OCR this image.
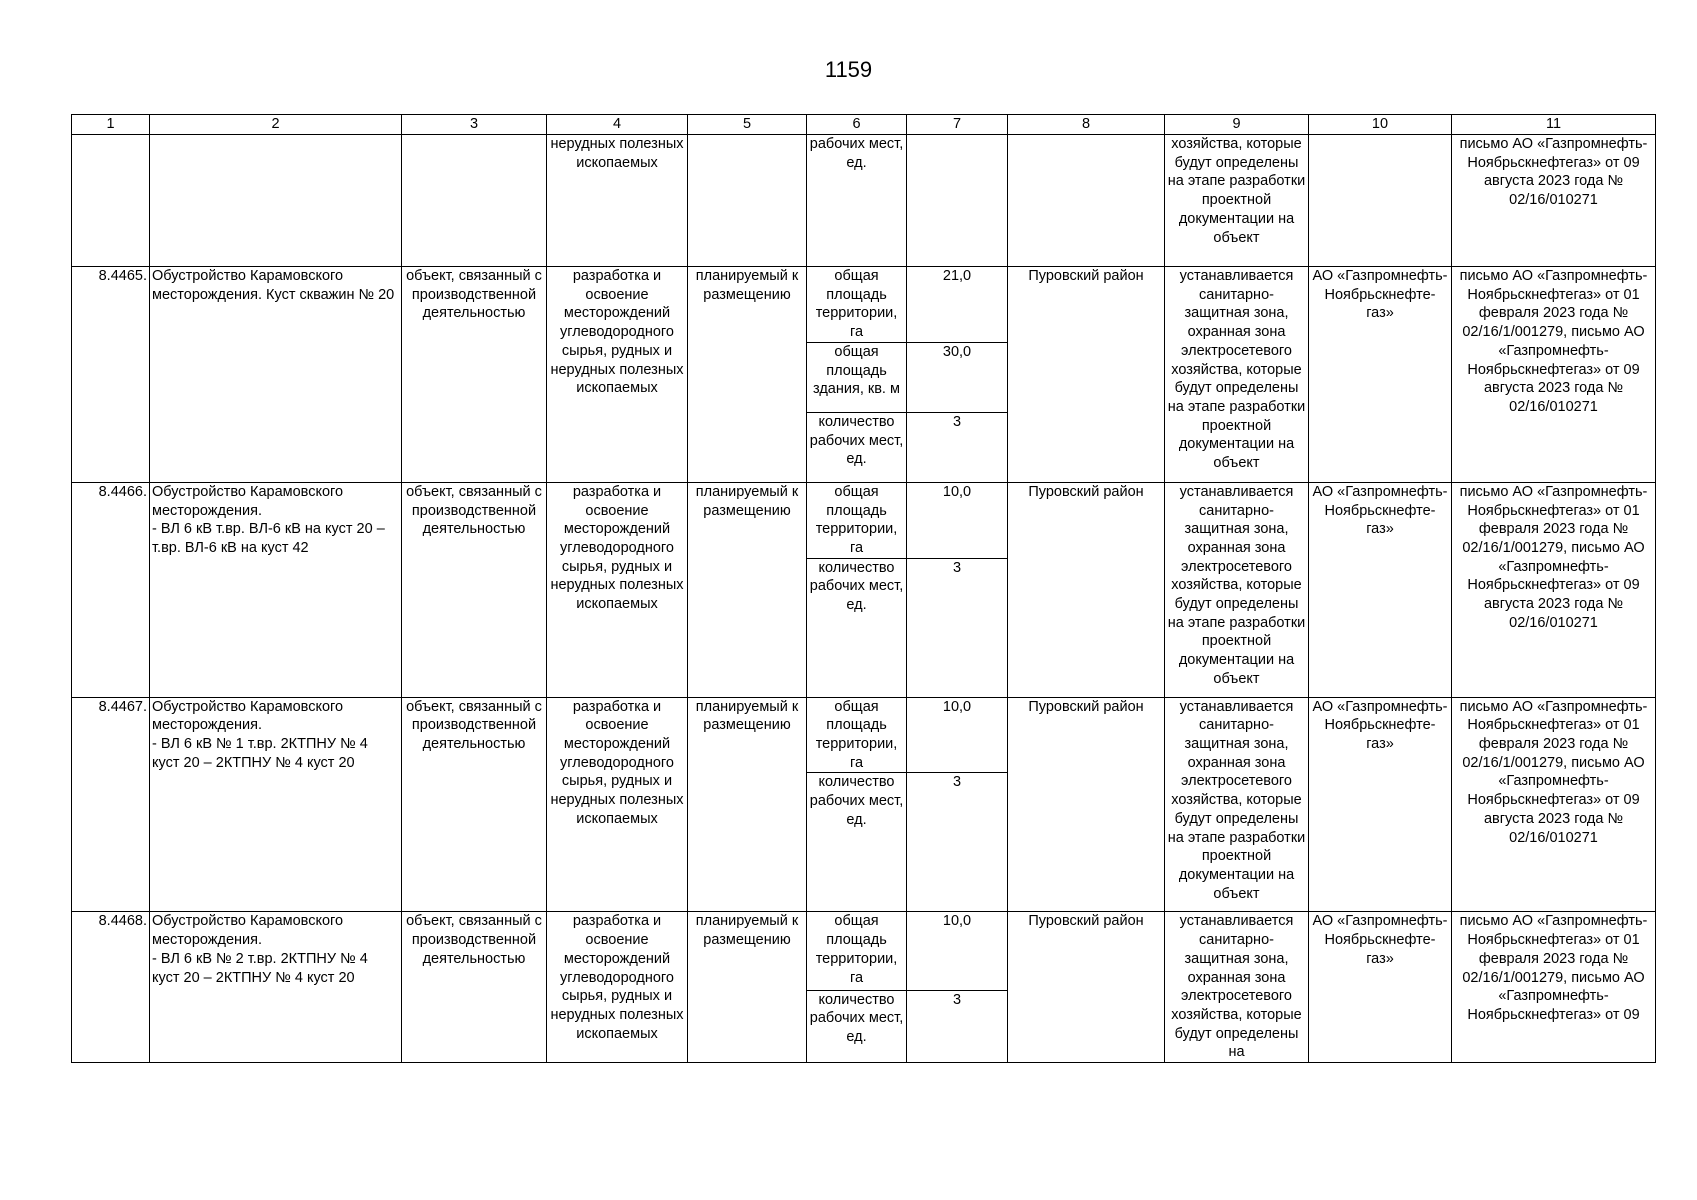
1159
1	2	3	4	5	6	7	8	9	10	11
			нерудных полезных ископаемых		рабочих мест, ед.			хозяйства, которые будут определены на этапе разработки проектной документации на объект		письмо АО «Газпромнефть-Ноябрьскнефтегаз» от 09 августа 2023 года № 02/16/010271
8.4465.	Обустройство Карамовского месторождения. Куст скважин № 20	объект, связанный с производственной деятельностью	разработка и освоение месторождений углеводородного сырья, рудных и нерудных полезных ископаемых	планируемый к размещению	общая площадь территории, га	21,0	Пуровский район	устанавливается санитарно-защитная зона, охранная зона электросетевого хозяйства, которые будут определены на этапе разработки проектной документации на объект	АО «Газпромнефть-Ноябрьскнефте-газ»	письмо АО «Газпромнефть-Ноябрьскнефтегаз» от 01 февраля 2023 года № 02/16/1/001279, письмо АО «Газпромнефть-Ноябрьскнефтегаз» от 09 августа 2023 года № 02/16/010271
					общая площадь здания, кв. м	30,0				
					количество рабочих мест, ед.	3				
8.4466.	Обустройство Карамовского месторождения.
- ВЛ 6 кВ т.вр. ВЛ-6 кВ на куст 20 – т.вр. ВЛ-6 кВ на куст 42	объект, связанный с производственной деятельностью	разработка и освоение месторождений углеводородного сырья, рудных и нерудных полезных ископаемых	планируемый к размещению	общая площадь территории, га	10,0	Пуровский район	устанавливается санитарно-защитная зона, охранная зона электросетевого хозяйства, которые будут определены на этапе разработки проектной документации на объект	АО «Газпромнефть-Ноябрьскнефте-газ»	письмо АО «Газпромнефть-Ноябрьскнефтегаз» от 01 февраля 2023 года № 02/16/1/001279, письмо АО «Газпромнефть-Ноябрьскнефтегаз» от 09 августа 2023 года № 02/16/010271
					количество рабочих мест, ед.	3				
8.4467.	Обустройство Карамовского месторождения.
- ВЛ 6 кВ № 1 т.вр. 2КТПНУ № 4 куст 20 – 2КТПНУ № 4 куст 20	объект, связанный с производственной деятельностью	разработка и освоение месторождений углеводородного сырья, рудных и нерудных полезных ископаемых	планируемый к размещению	общая площадь территории, га	10,0	Пуровский район	устанавливается санитарно-защитная зона, охранная зона электросетевого хозяйства, которые будут определены на этапе разработки проектной документации на объект	АО «Газпромнефть-Ноябрьскнефте-газ»	письмо АО «Газпромнефть-Ноябрьскнефтегаз» от 01 февраля 2023 года № 02/16/1/001279, письмо АО «Газпромнефть-Ноябрьскнефтегаз» от 09 августа 2023 года № 02/16/010271
					количество рабочих мест, ед.	3				
8.4468.	Обустройство Карамовского месторождения.
- ВЛ 6 кВ № 2 т.вр. 2КТПНУ № 4 куст 20 – 2КТПНУ № 4 куст 20	объект, связанный с производственной деятельностью	разработка и освоение месторождений углеводородного сырья, рудных и нерудных полезных ископаемых	планируемый к размещению	общая площадь территории, га	10,0	Пуровский район	устанавливается санитарно-защитная зона, охранная зона электросетевого хозяйства, которые будут определены на	АО «Газпромнефть-Ноябрьскнефте-газ»	письмо АО «Газпромнефть-Ноябрьскнефтегаз» от 01 февраля 2023 года № 02/16/1/001279, письмо АО «Газпромнефть-Ноябрьскнефтегаз» от 09
					количество рабочих мест, ед.	3				
